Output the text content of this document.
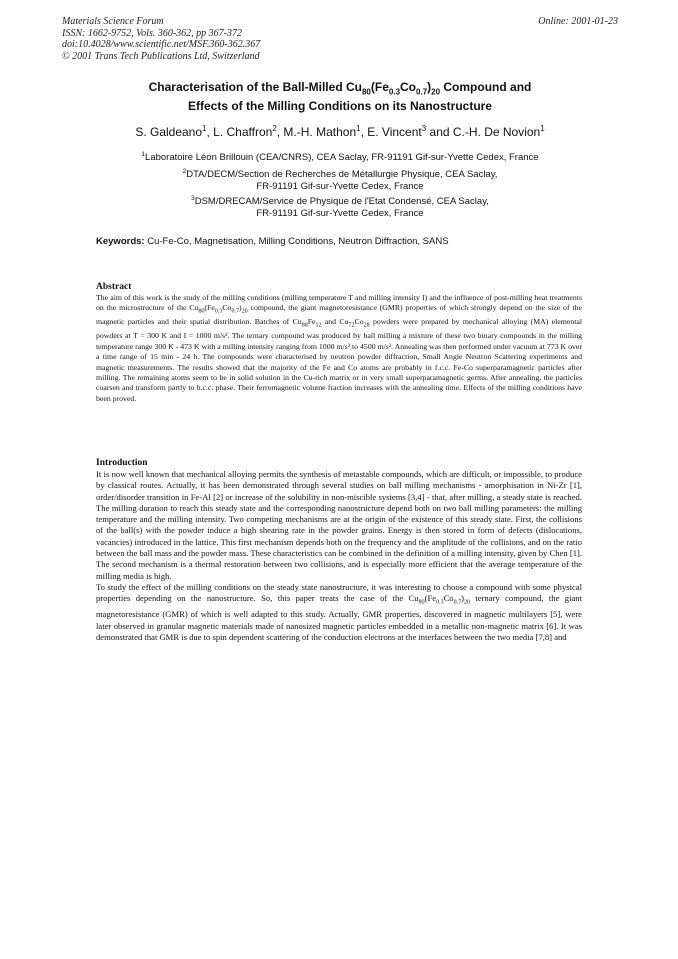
Materials Science Forum
ISSN: 1662-9752, Vols. 360-362, pp 367-372
doi:10.4028/www.scientific.net/MSF.360-362.367
© 2001 Trans Tech Publications Ltd, Switzerland
Online: 2001-01-23
Characterisation of the Ball-Milled $Cu_{80}(Fe_{0.3}Co_{0.7})_{20}$ Compound and
Effects of the Milling Conditions on its Nanostructure
S. Galdeano$^1$, L. Chaffron$^2$, M.-H. Mathon$^1$, E. Vincent$^3$ and C.-H. De Novion$^1$
$^1$Laboratoire Léon Brillouin (CEA/CNRS), CEA Saclay, FR-91191 Gif-sur-Yvette Cedex, France
$^2$DTA/DECM/Section de Recherches de Métallurgie Physique, CEA Saclay,
FR-91191 Gif-sur-Yvette Cedex, France
$^3$DSM/DRECAM/Service de Physique de l'Etat Condensé, CEA Saclay,
FR-91191 Gif-sur-Yvette Cedex, France
Keywords: Cu-Fe-Co, Magnetisation, Milling Conditions, Neutron Diffraction, SANS
Abstract

The aim of this work is the study of the milling conditions (milling temperature T and milling intensity I) and the influence of post-milling heat treatments on the microstructure of the $Cu_{80}(Fe_{0.3}Co_{0.7})_{20}$ compound, the giant magnetoresistance (GMR) properties of which strongly depend on the size of the magnetic particles and their spatial distribution. Batches of $Cu_{88}Fe_{12}$ and $Cu_{72}Co_{28}$ powders were prepared by mechanical alloying (MA) elemental powders at T = 300 K and I = 1000 m/s². The ternary compound was produced by ball milling a mixture of these two binary compounds in the milling temperature range 300 K - 473 K with a milling intensity ranging from 1000 m/s² to 4500 m/s². Annealing was then performed under vacuum at 773 K over a time range of 15 min - 24 h. The compounds were characterised by neutron powder diffraction, Small Angle Neutron Scattering experiments and magnetic measurements. The results showed that the majority of the Fe and Co atoms are probably in f.c.c. Fe-Co superparamagnetic particles after milling. The remaining atoms seem to be in solid solution in the Cu-rich matrix or in very small superparamagnetic germs. After annealing, the particles coarsen and transform partly to b.c.c. phase. Their ferromagnetic volume fraction increases with the annealing time. Effects of the milling conditions have been proved.

Introduction

It is now well known that mechanical alloying permits the synthesis of metastable compounds, which are difficult, or impossible, to produce by classical routes. Actually, it has been demonstrated through several studies on ball milling mechanisms - amorphisation in Ni-Zr [1], order/disorder transition in Fe-Al [2] or increase of the solubility in non-miscible systems [3,4] - that, after milling, a steady state is reached. The milling duration to reach this steady state and the corresponding nanostructure depend both on two ball milling parameters: the milling temperature and the milling intensity. Two competing mechanisms are at the origin of the existence of this steady state. First, the collisions of the ball(s) with the powder induce a high shearing rate in the powder grains. Energy is then stored in form of defects (dislocations, vacancies) introduced in the lattice. This first mechanism depends both on the frequency and the amplitude of the collisions, and on the ratio between the ball mass and the powder mass. These characteristics can be combined in the definition of a milling intensity, given by Chen [1]. The second mechanism is a thermal restoration between two collisions, and is especially more efficient that the average temperature of the milling media is high.

To study the effect of the milling conditions on the steady state nanostructure, it was interesting to choose a compound with some physical properties depending on the nanostructure. So, this paper treats the case of the $Cu_{80}(Fe_{0.3}Co_{0.7})_{20}$ ternary compound, the giant magnetoresistance (GMR) of which is well adapted to this study. Actually, GMR properties, discovered in magnetic multilayers [5], were later observed in granular magnetic materials made of nanosized magnetic particles embedded in a metallic non-magnetic matrix [6]. It was demonstrated that GMR is due to spin dependent scattering of the conduction electrons at the interfaces between the two media [7,8] and
